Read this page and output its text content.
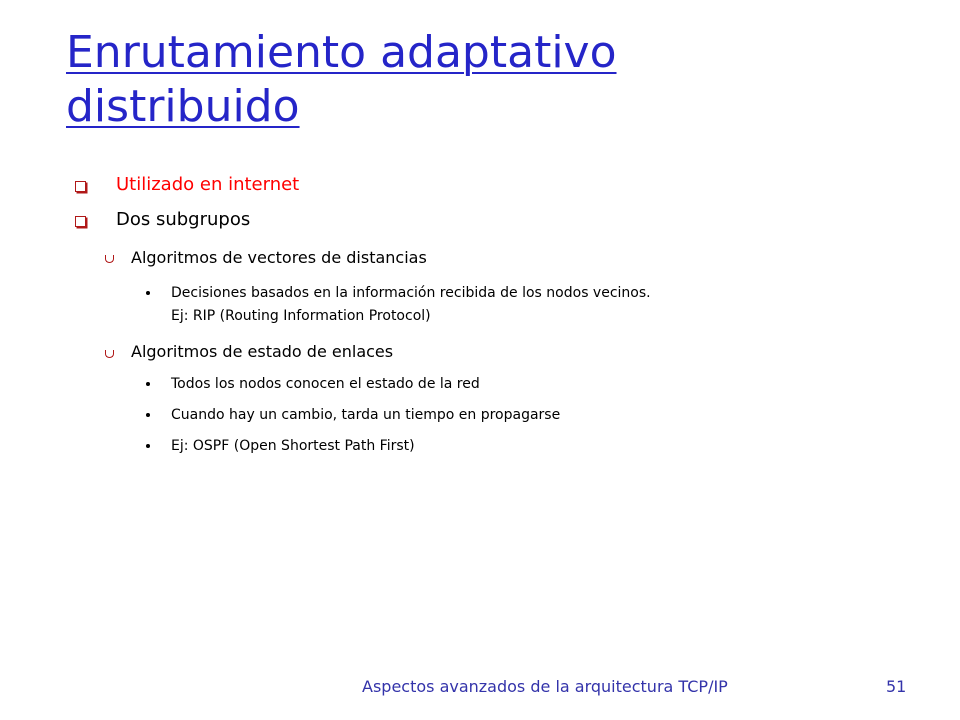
Enrutamiento adaptativo
distribuido
Utilizado en internet
Dos subgrupos
Algoritmos de vectores de distancias
Decisiones basados en la información recibida de los nodos vecinos.
Ej: RIP (Routing Information Protocol)
Algoritmos de estado de enlaces
Todos los nodos conocen el estado de la red
Cuando hay un cambio, tarda un tiempo en propagarse
Ej: OSPF (Open Shortest Path First)
Aspectos avanzados de la arquitectura TCP/IP	51
